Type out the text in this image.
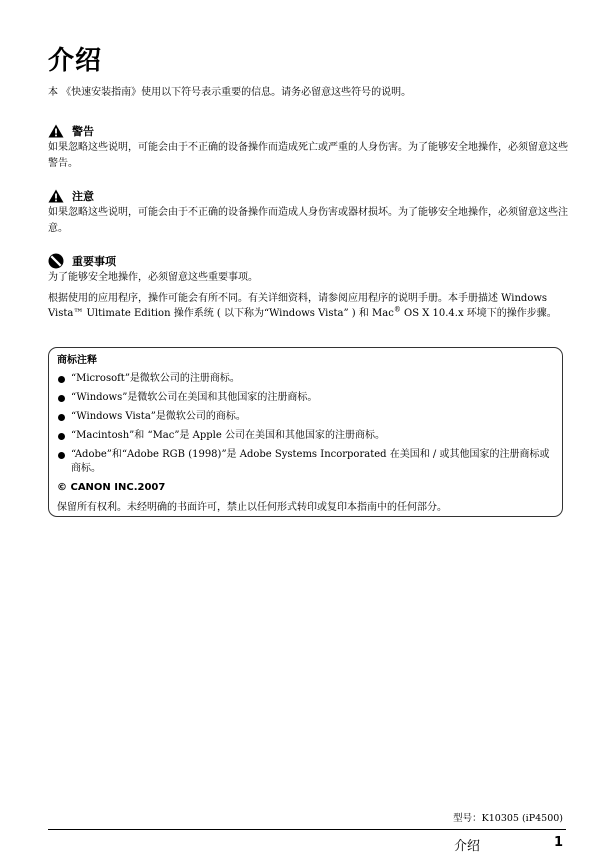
介绍

本 《快速安装指南》使用以下符号表示重要的信息。请务必留意这些符号的说明。

警告

如果忽略这些说明，可能会由于不正确的设备操作而造成死亡或严重的人身伤害。为了能够安全地操作，必须留意这些警告。

注意

如果忽略这些说明，可能会由于不正确的设备操作而造成人身伤害或器材损坏。为了能够安全地操作，必须留意这些注意。

重要事项

为了能够安全地操作，必须留意这些重要事项。

根据使用的应用程序，操作可能会有所不同。有关详细资料，请参阅应用程序的说明手册。本手册描述 Windows Vista™ Ultimate Edition 操作系统 ( 以下称为“Windows Vista” ) 和 Mac® OS X 10.4.x 环境下的操作步骤。

商标注释

“Microsoft”是微软公司的注册商标。
“Windows”是微软公司在美国和其他国家的注册商标。
“Windows Vista”是微软公司的商标。
“Macintosh”和 “Mac”是 Apple 公司在美国和其他国家的注册商标。
“Adobe”和“Adobe RGB (1998)”是 Adobe Systems Incorporated 在美国和 / 或其他国家的注册商标或商标。

© CANON INC.2007

保留所有权利。未经明确的书面许可，禁止以任何形式转印或复印本指南中的任何部分。

型号：K10305 (iP4500)

介绍	1
